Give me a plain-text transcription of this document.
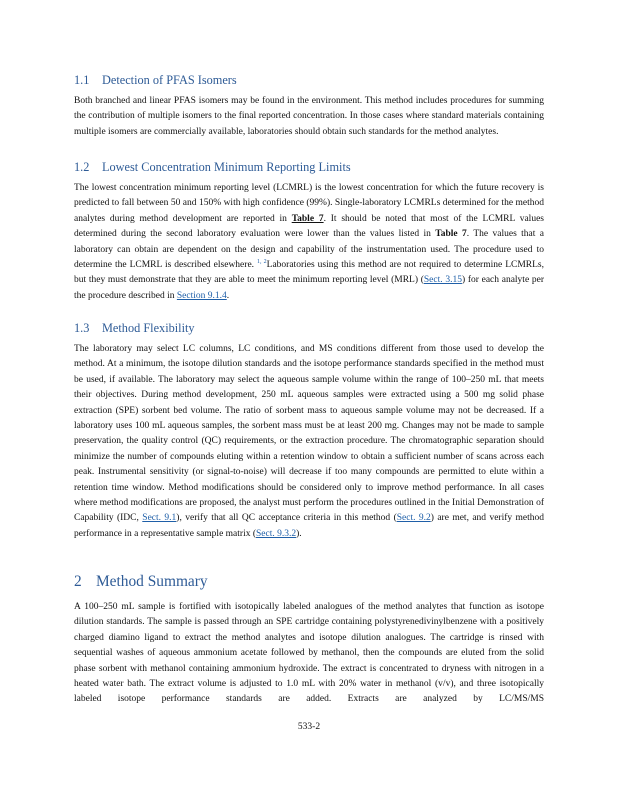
1.1 Detection of PFAS Isomers

Both branched and linear PFAS isomers may be found in the environment. This method includes procedures for summing the contribution of multiple isomers to the final reported concentration. In those cases where standard materials containing multiple isomers are commercially available, laboratories should obtain such standards for the method analytes.

1.2 Lowest Concentration Minimum Reporting Limits

The lowest concentration minimum reporting level (LCMRL) is the lowest concentration for which the future recovery is predicted to fall between 50 and 150% with high confidence (99%). Single-laboratory LCMRLs determined for the method analytes during method development are reported in Table 7. It should be noted that most of the LCMRL values determined during the second laboratory evaluation were lower than the values listed in Table 7. The values that a laboratory can obtain are dependent on the design and capability of the instrumentation used. The procedure used to determine the LCMRL is described elsewhere. $^{1, 2}$Laboratories using this method are not required to determine LCMRLs, but they must demonstrate that they are able to meet the minimum reporting level (MRL) (Sect. 3.15) for each analyte per the procedure described in Section 9.1.4.

1.3 Method Flexibility

The laboratory may select LC columns, LC conditions, and MS conditions different from those used to develop the method. At a minimum, the isotope dilution standards and the isotope performance standards specified in the method must be used, if available. The laboratory may select the aqueous sample volume within the range of 100–250 mL that meets their objectives. During method development, 250 mL aqueous samples were extracted using a 500 mg solid phase extraction (SPE) sorbent bed volume. The ratio of sorbent mass to aqueous sample volume may not be decreased. If a laboratory uses 100 mL aqueous samples, the sorbent mass must be at least 200 mg. Changes may not be made to sample preservation, the quality control (QC) requirements, or the extraction procedure. The chromatographic separation should minimize the number of compounds eluting within a retention window to obtain a sufficient number of scans across each peak. Instrumental sensitivity (or signal-to-noise) will decrease if too many compounds are permitted to elute within a retention time window. Method modifications should be considered only to improve method performance. In all cases where method modifications are proposed, the analyst must perform the procedures outlined in the Initial Demonstration of Capability (IDC, Sect. 9.1), verify that all QC acceptance criteria in this method (Sect. 9.2) are met, and verify method performance in a representative sample matrix (Sect. 9.3.2).

2 Method Summary

A 100–250 mL sample is fortified with isotopically labeled analogues of the method analytes that function as isotope dilution standards. The sample is passed through an SPE cartridge containing polystyrenedivinylbenzene with a positively charged diamino ligand to extract the method analytes and isotope dilution analogues. The cartridge is rinsed with sequential washes of aqueous ammonium acetate followed by methanol, then the compounds are eluted from the solid phase sorbent with methanol containing ammonium hydroxide. The extract is concentrated to dryness with nitrogen in a heated water bath. The extract volume is adjusted to 1.0 mL with 20% water in methanol (v/v), and three isotopically labeled isotope performance standards are added. Extracts are analyzed by LC/MS/MS

533-2
